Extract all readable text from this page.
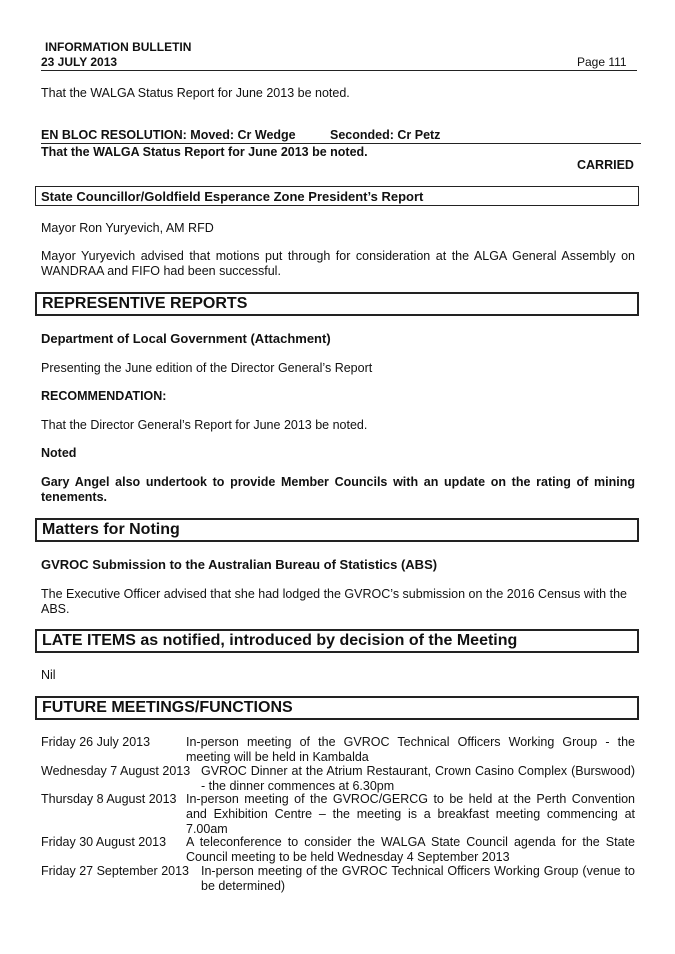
INFORMATION BULLETIN
23 JULY 2013	Page 111
That the WALGA Status Report for June 2013 be noted.
EN BLOC RESOLUTION: Moved: Cr Wedge	Seconded: Cr Petz
That the WALGA Status Report for June 2013 be noted.
CARRIED
State Councillor/Goldfield Esperance Zone President’s Report
Mayor Ron Yuryevich, AM RFD
Mayor Yuryevich advised that motions put through for consideration at the ALGA General Assembly on WANDRAA and FIFO had been successful.
REPRESENTIVE REPORTS
Department of Local Government (Attachment)
Presenting the June edition of the Director General’s Report
RECOMMENDATION:
That the Director General’s Report for June 2013 be noted.
Noted
Gary Angel also undertook to provide Member Councils with an update on the rating of mining tenements.
Matters for Noting
GVROC Submission to the Australian Bureau of Statistics (ABS)
The Executive Officer advised that she had lodged the GVROC’s submission on the 2016 Census with the ABS.
LATE ITEMS as notified, introduced by decision of the Meeting
Nil
FUTURE MEETINGS/FUNCTIONS
Friday 26 July 2013	In-person meeting of the GVROC Technical Officers Working Group - the meeting will be held in Kambalda
Wednesday 7 August 2013 GVROC Dinner at the Atrium Restaurant, Crown Casino Complex (Burswood) - the dinner commences at 6.30pm
Thursday 8 August 2013 In-person meeting of the GVROC/GERCG to be held at the Perth Convention and Exhibition Centre – the meeting is a breakfast meeting commencing at 7.00am
Friday 30 August 2013 A teleconference to consider the WALGA State Council agenda for the State Council meeting to be held Wednesday 4 September 2013
Friday 27 September 2013 In-person meeting of the GVROC Technical Officers Working Group (venue to be determined)
